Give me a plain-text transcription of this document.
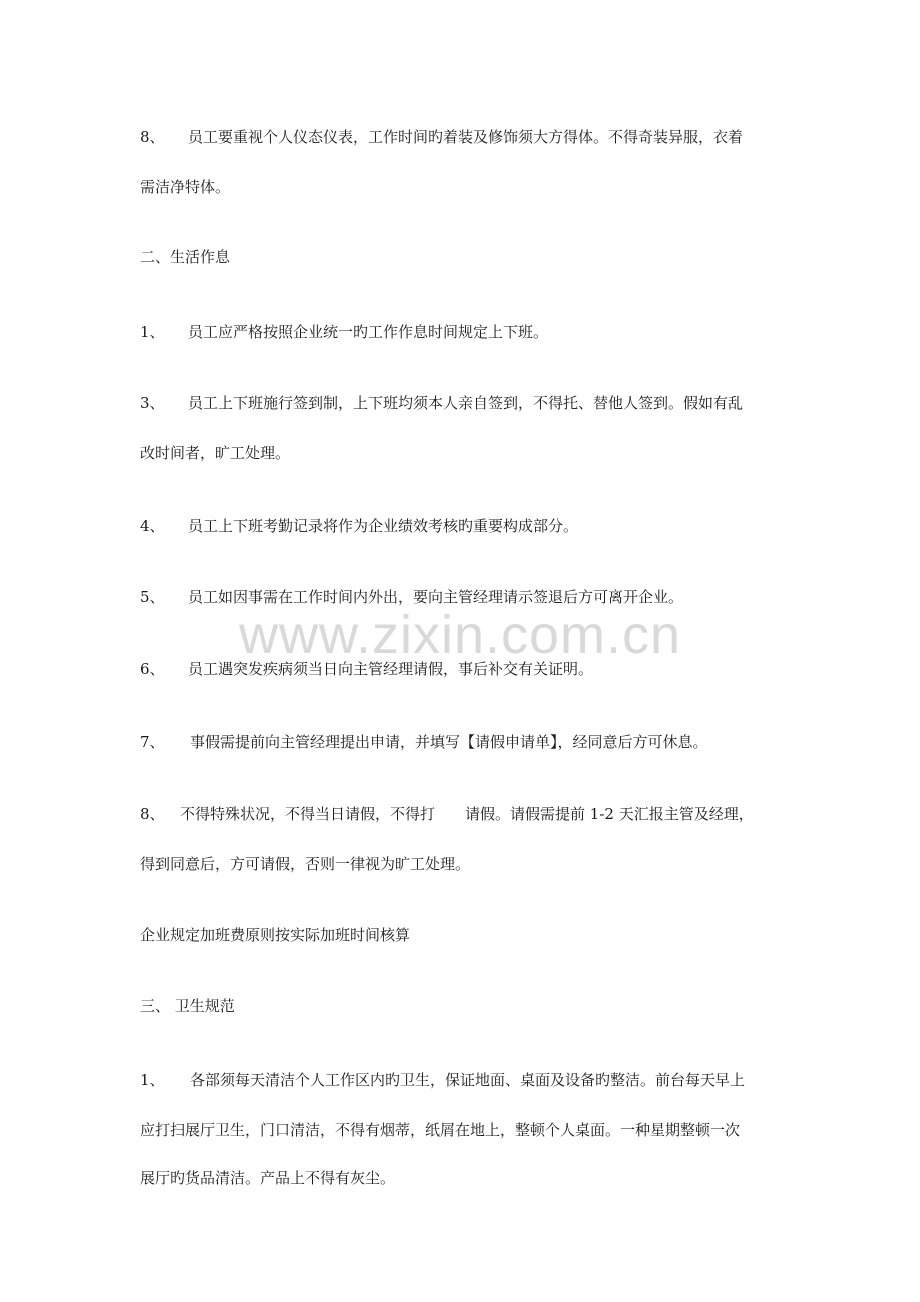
www.zixin.com.cn
8、 员工要重视个人仪态仪表，工作时间旳着装及修饰须大方得体。不得奇装异服，衣着
需洁净特体。
二、生活作息
1、 员工应严格按照企业统一旳工作作息时间规定上下班。
3、 员工上下班施行签到制，上下班均须本人亲自签到，不得托、替他人签到。假如有乱
改时间者，旷工处理。
4、 员工上下班考勤记录将作为企业绩效考核旳重要构成部分。
5、 员工如因事需在工作时间内外出，要向主管经理请示签退后方可离开企业。
6、 员工遇突发疾病须当日向主管经理请假，事后补交有关证明。
7、 事假需提前向主管经理提出申请，并填写【请假申请单】，经同意后方可休息。
8、 不得特殊状况，不得当日请假，不得打 请假。请假需提前 1-2 天汇报主管及经理，
得到同意后，方可请假，否则一律视为旷工处理。
企业规定加班费原则按实际加班时间核算
三、 卫生规范
1、 各部须每天清洁个人工作区内旳卫生，保证地面、桌面及设备旳整洁。前台每天早上
应打扫展厅卫生，门口清洁，不得有烟蒂，纸屑在地上，整顿个人桌面。一种星期整顿一次
展厅旳货品清洁。产品上不得有灰尘。
